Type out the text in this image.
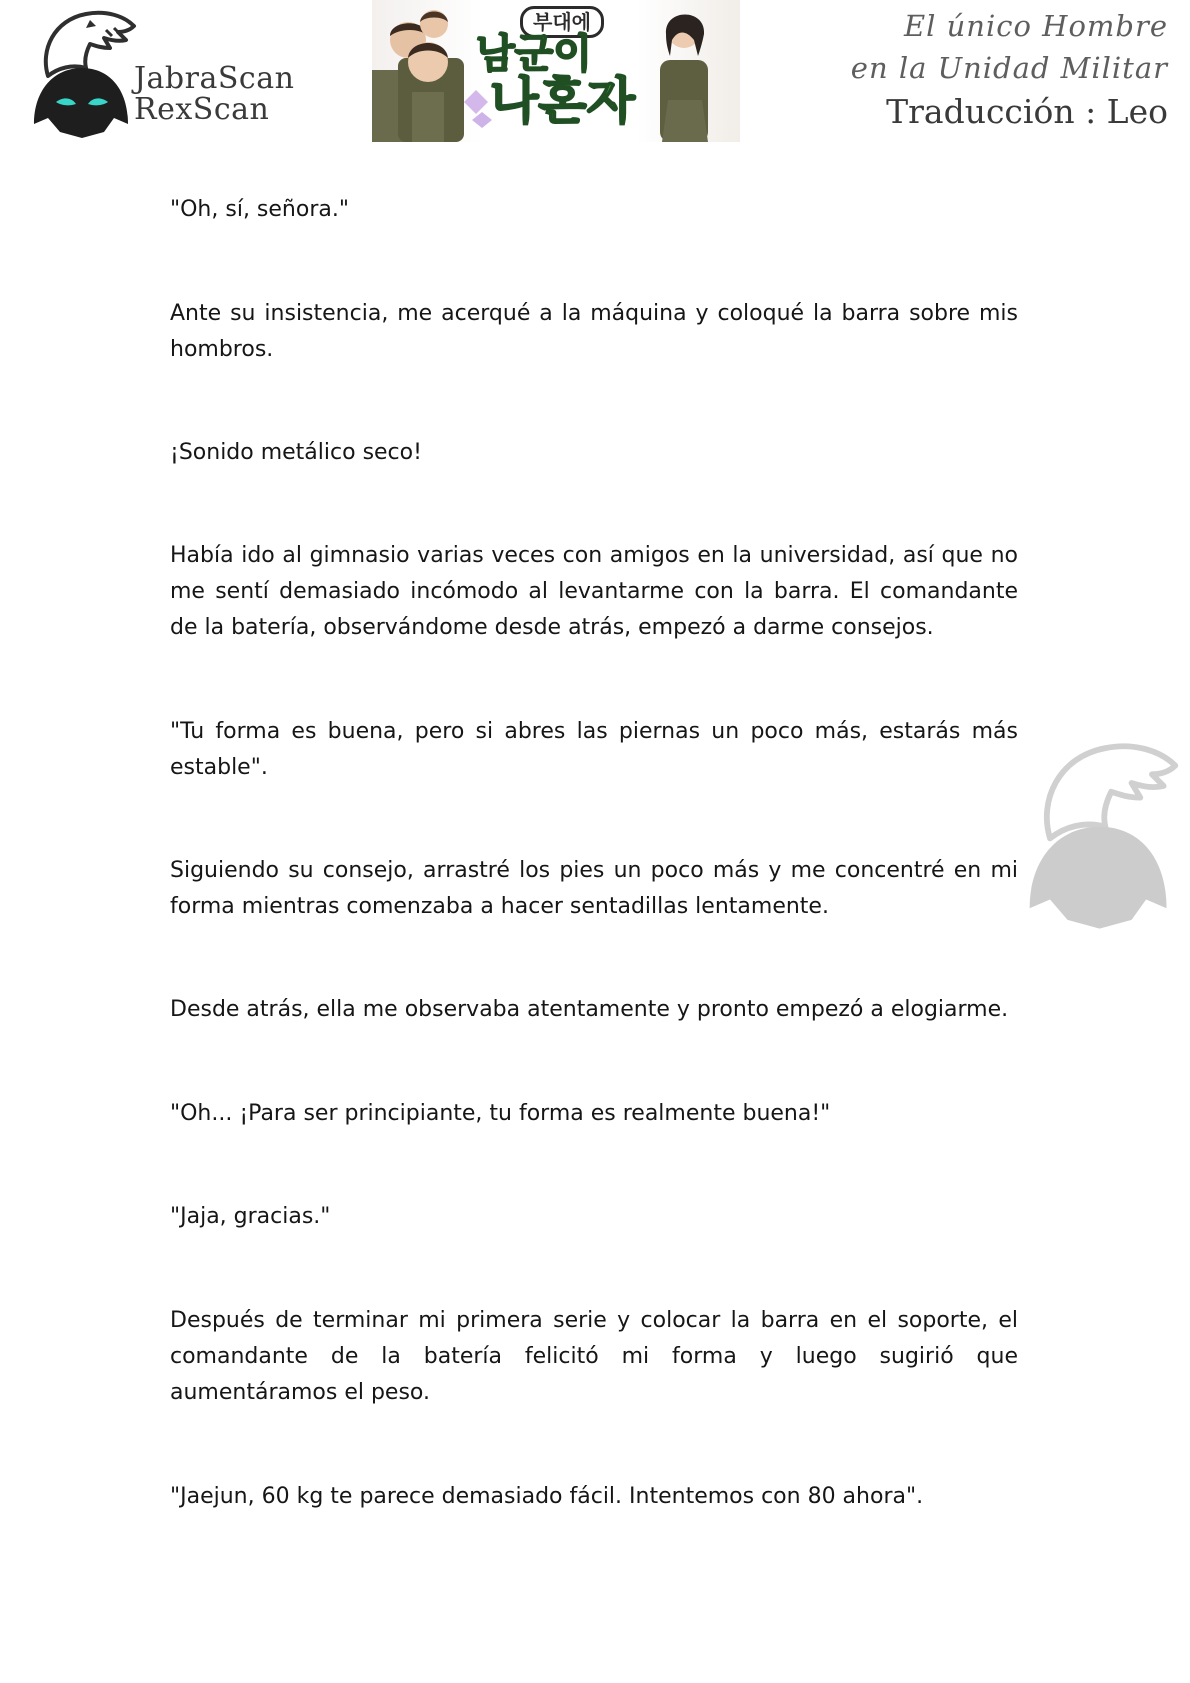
JabraScan
RexScan
부대에
남군이
나혼자
El único Hombre
en la Unidad Militar
Traducción : Leo

"Oh, sí, señora."

Ante su insistencia, me acerqué a la máquina y coloqué la barra sobre mis hombros.

¡Sonido metálico seco!

Había ido al gimnasio varias veces con amigos en la universidad, así que no me sentí demasiado incómodo al levantarme con la barra. El comandante de la batería, observándome desde atrás, empezó a darme consejos.

"Tu forma es buena, pero si abres las piernas un poco más, estarás más estable".

Siguiendo su consejo, arrastré los pies un poco más y me concentré en mi forma mientras comenzaba a hacer sentadillas lentamente.

Desde atrás, ella me observaba atentamente y pronto empezó a elogiarme.

"Oh... ¡Para ser principiante, tu forma es realmente buena!"

"Jaja, gracias."

Después de terminar mi primera serie y colocar la barra en el soporte, el comandante de la batería felicitó mi forma y luego sugirió que aumentáramos el peso.

"Jaejun, 60 kg te parece demasiado fácil. Intentemos con 80 ahora".
